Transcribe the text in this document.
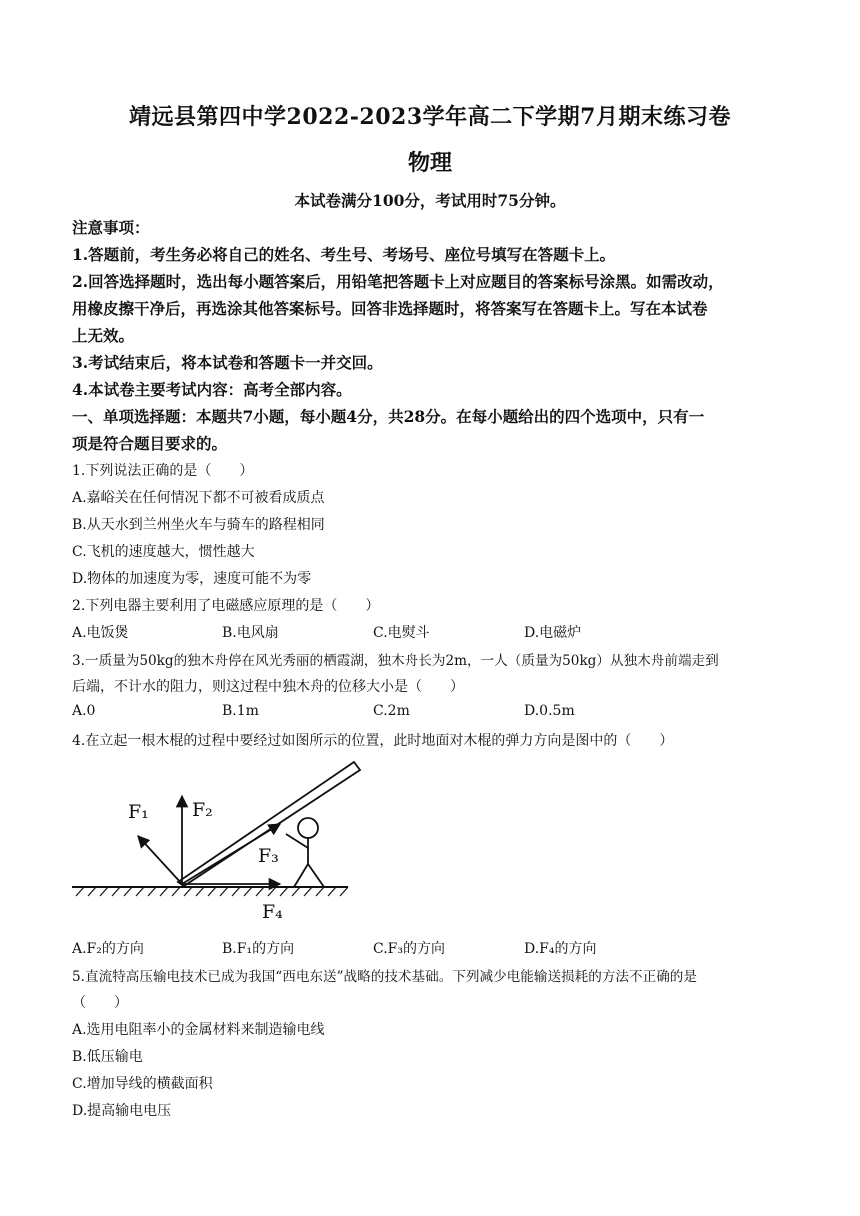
靖远县第四中学2022-2023学年高二下学期7月期末练习卷
物理
本试卷满分100分，考试用时75分钟。
注意事项：
1.答题前，考生务必将自己的姓名、考生号、考场号、座位号填写在答题卡上。
2.回答选择题时，选出每小题答案后，用铅笔把答题卡上对应题目的答案标号涂黑。如需改动，
用橡皮擦干净后，再选涂其他答案标号。回答非选择题时，将答案写在答题卡上。写在本试卷
上无效。
3.考试结束后，将本试卷和答题卡一并交回。
4.本试卷主要考试内容：高考全部内容。
一、单项选择题：本题共7小题，每小题4分，共28分。在每小题给出的四个选项中，只有一
项是符合题目要求的。
1.下列说法正确的是（　　）
A.嘉峪关在任何情况下都不可被看成质点
B.从天水到兰州坐火车与骑车的路程相同
C.飞机的速度越大，惯性越大
D.物体的加速度为零，速度可能不为零
2.下列电器主要利用了电磁感应原理的是（　　）
A.电饭煲	B.电风扇	C.电熨斗	D.电磁炉
3.一质量为50kg的独木舟停在风光秀丽的栖霞湖，独木舟长为2m，一人（质量为50kg）从独木舟前端走到
后端，不计水的阻力，则这过程中独木舟的位移大小是（　　）
A.0	B.1m	C.2m	D.0.5m
4.在立起一根木棍的过程中要经过如图所示的位置，此时地面对木棍的弹力方向是图中的（　　）
F₁ F₂
F₃
F₄
A.F₂的方向	B.F₁的方向	C.F₃的方向	D.F₄的方向
5.直流特高压输电技术已成为我国“西电东送”战略的技术基础。下列减少电能输送损耗的方法不正确的是
（　　）
A.选用电阻率小的金属材料来制造输电线
B.低压输电
C.增加导线的横截面积
D.提高输电电压
